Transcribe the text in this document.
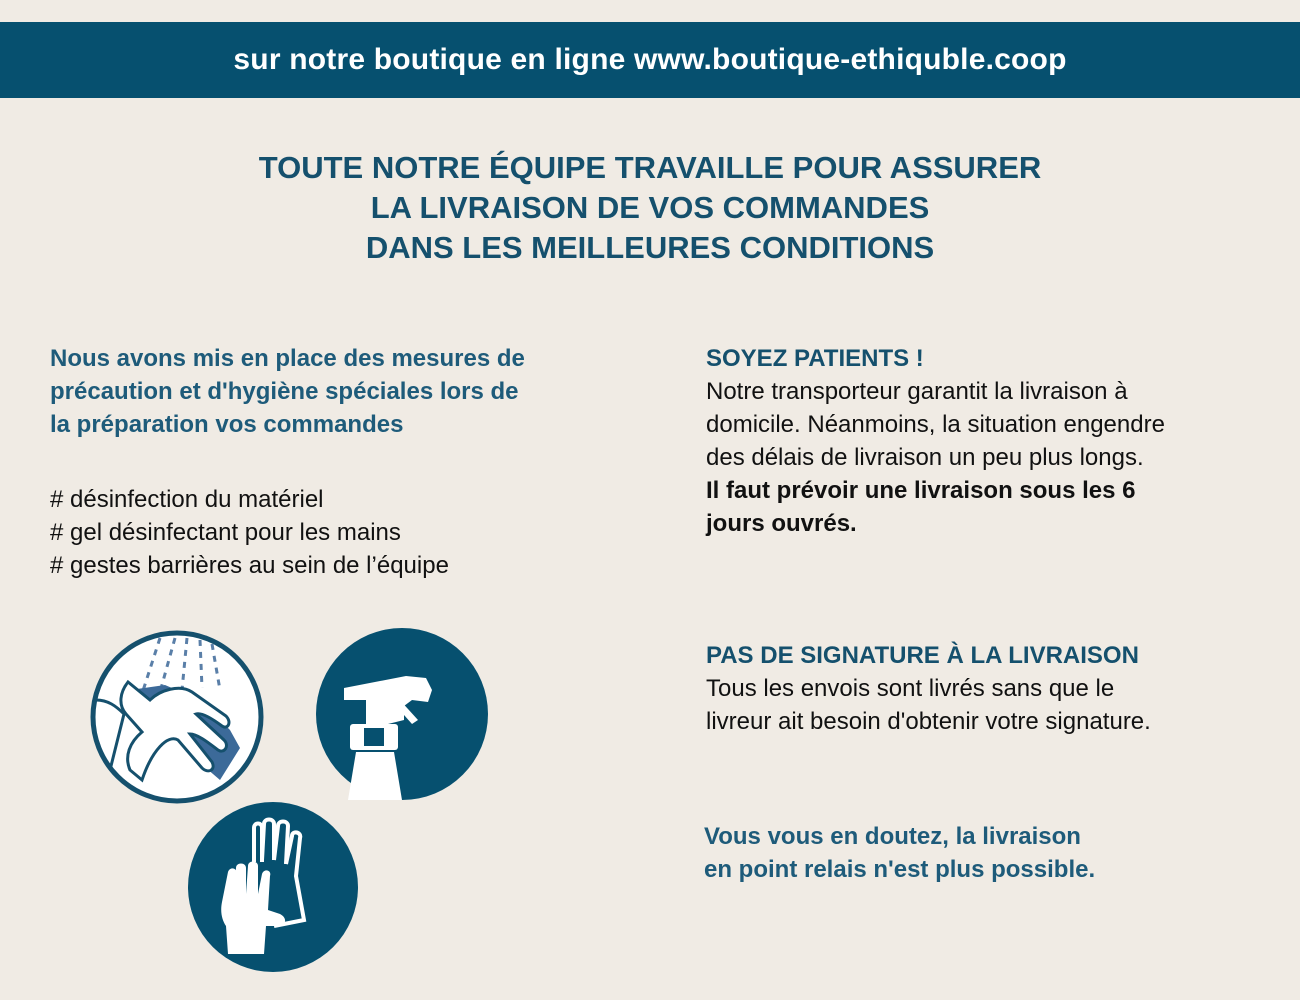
sur notre boutique en ligne www.boutique-ethiquble.coop
TOUTE NOTRE ÉQUIPE TRAVAILLE POUR ASSURER
LA LIVRAISON DE VOS COMMANDES
DANS LES MEILLEURES CONDITIONS
Nous avons mis en place des mesures de
précaution et d'hygiène spéciales lors de
la préparation vos commandes
# désinfection du matériel
# gel désinfectant pour les mains
# gestes barrières au sein de l’équipe
SOYEZ PATIENTS !
Notre transporteur garantit la livraison à
domicile. Néanmoins, la situation engendre
des délais de livraison un peu plus longs.
Il faut prévoir une livraison sous les 6
jours ouvrés.
PAS DE SIGNATURE À LA LIVRAISON
Tous les envois sont livrés sans que le
livreur ait besoin d'obtenir votre signature.
Vous vous en doutez, la livraison
en point relais n'est plus possible.
